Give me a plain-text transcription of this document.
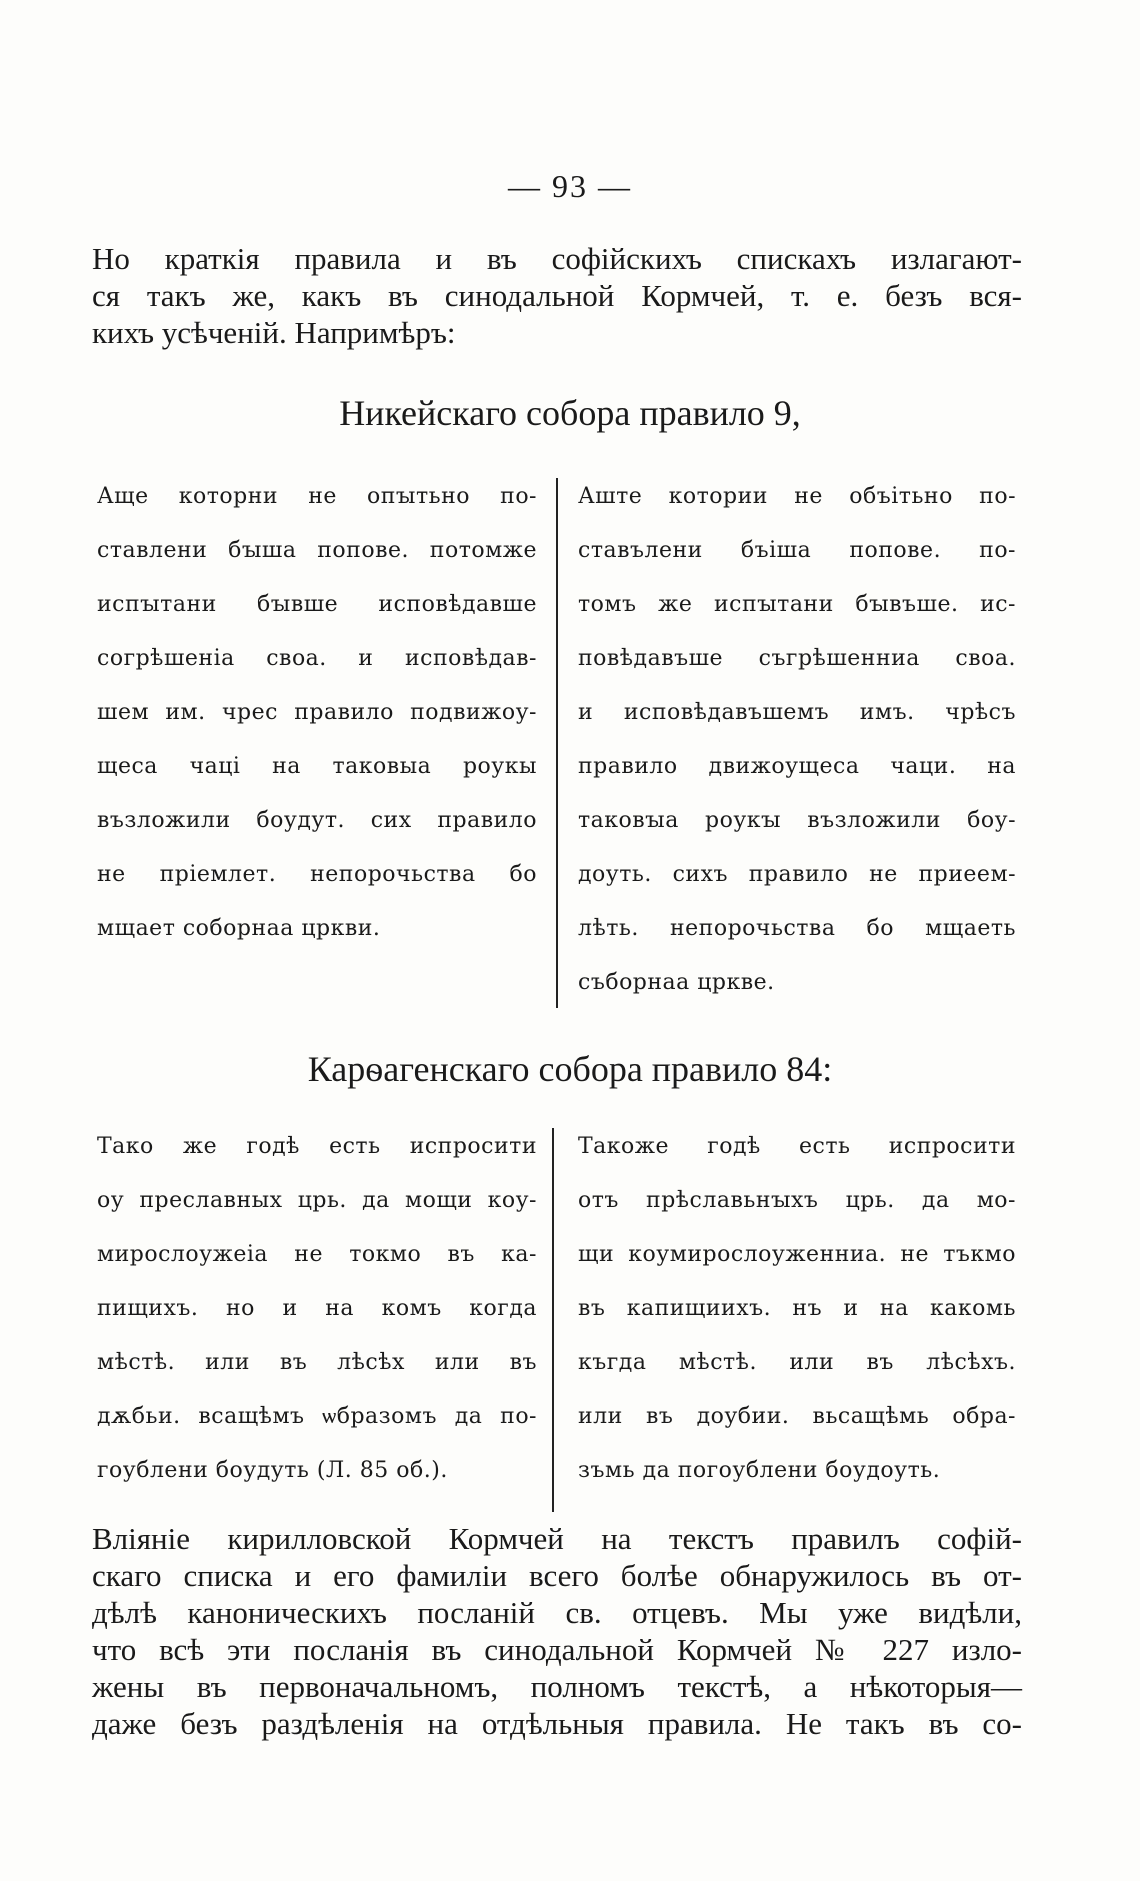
— 93 —
Но краткія правила и въ софійскихъ спискахъ излагают-
ся такъ же, какъ въ синодальной Кормчей, т. е. безъ вся-
кихъ усѣченій. Напримѣръ:
Никейскаго собора правило 9,
Аще которни не опꙑтьно по-
ставлени бꙑша попове. потомже
испꙑтани бꙑвше исповѣдавше
согрѣшеніа своа. и исповѣдав-
шем им. чрес правило подвижоу-
щеса чаці на таковыа роукы
възложили боудут. сих правило
не пріемлет. непорочьства бо
мщает соборнаа цркви.
Аште котории не объітьно по-
ставълени бъіша попове. по-
томъ же испꙑтани бꙑвъше. ис-
повѣдавъше съгрѣшенниа своа.
и исповѣдавъшемъ имъ. чрѣсъ
правило движоущеса чаци. на
таковꙑа роукꙑ възложили боу-
доуть. сихъ правило не приеем-
лѣть. непорочьства бо мщаеть
съборнаа цркве.
Карѳагенскаго собора правило 84:
Тако же годѣ есть испросити
оу преславных црь. да мощи коу-
мирослоужеіа не токмо въ ка-
пищихъ. но и на комъ когда
мѣстѣ. или въ лѣсѣх или въ
дѫбьи. всащѣмъ ѡбразомъ да по-
гоублени боудуть (Л. 85 об.).
Такоже годѣ есть испросити
отъ прѣславьнꙑхъ црь. да мо-
щи коумирослоуженниа. не тъкмо
въ капищиихъ. нъ и на какомь
къгда мѣстѣ. или въ лѣсѣхъ.
или въ доубии. вьсащѣмь обра-
зъмь да погоублени боудоуть.
Вліяніе кирилловской Кормчей на текстъ правилъ софій-
скаго списка и его фамиліи всего болѣе обнаружилось въ от-
дѣлѣ каноническихъ посланій св. отцевъ. Мы уже видѣли,
что всѣ эти посланія въ синодальной Кормчей № 227 изло-
жены въ первоначальномъ, полномъ текстѣ, а нѣкоторыя—
даже безъ раздѣленія на отдѣльныя правила. Не такъ въ со-
